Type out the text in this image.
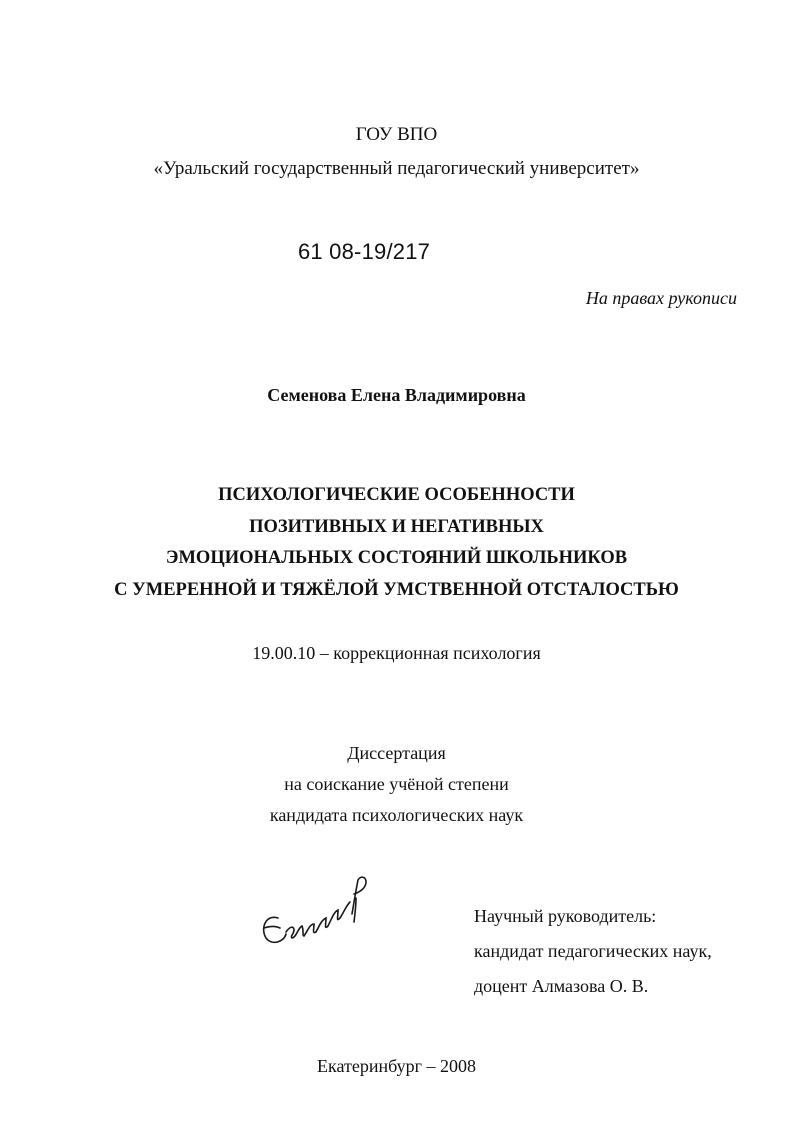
ГОУ ВПО
«Уральский государственный педагогический университет»
61 08-19/217
На правах рукописи
Семенова Елена Владимировна
ПСИХОЛОГИЧЕСКИЕ ОСОБЕННОСТИ
ПОЗИТИВНЫХ И НЕГАТИВНЫХ
ЭМОЦИОНАЛЬНЫХ СОСТОЯНИЙ ШКОЛЬНИКОВ
С УМЕРЕННОЙ И ТЯЖЁЛОЙ УМСТВЕННОЙ ОТСТАЛОСТЬЮ
19.00.10 – коррекционная психология
Диссертация
на соискание учёной степени
кандидата психологических наук
Научный руководитель:
кандидат педагогических наук,
доцент Алмазова О. В.
Екатеринбург – 2008
